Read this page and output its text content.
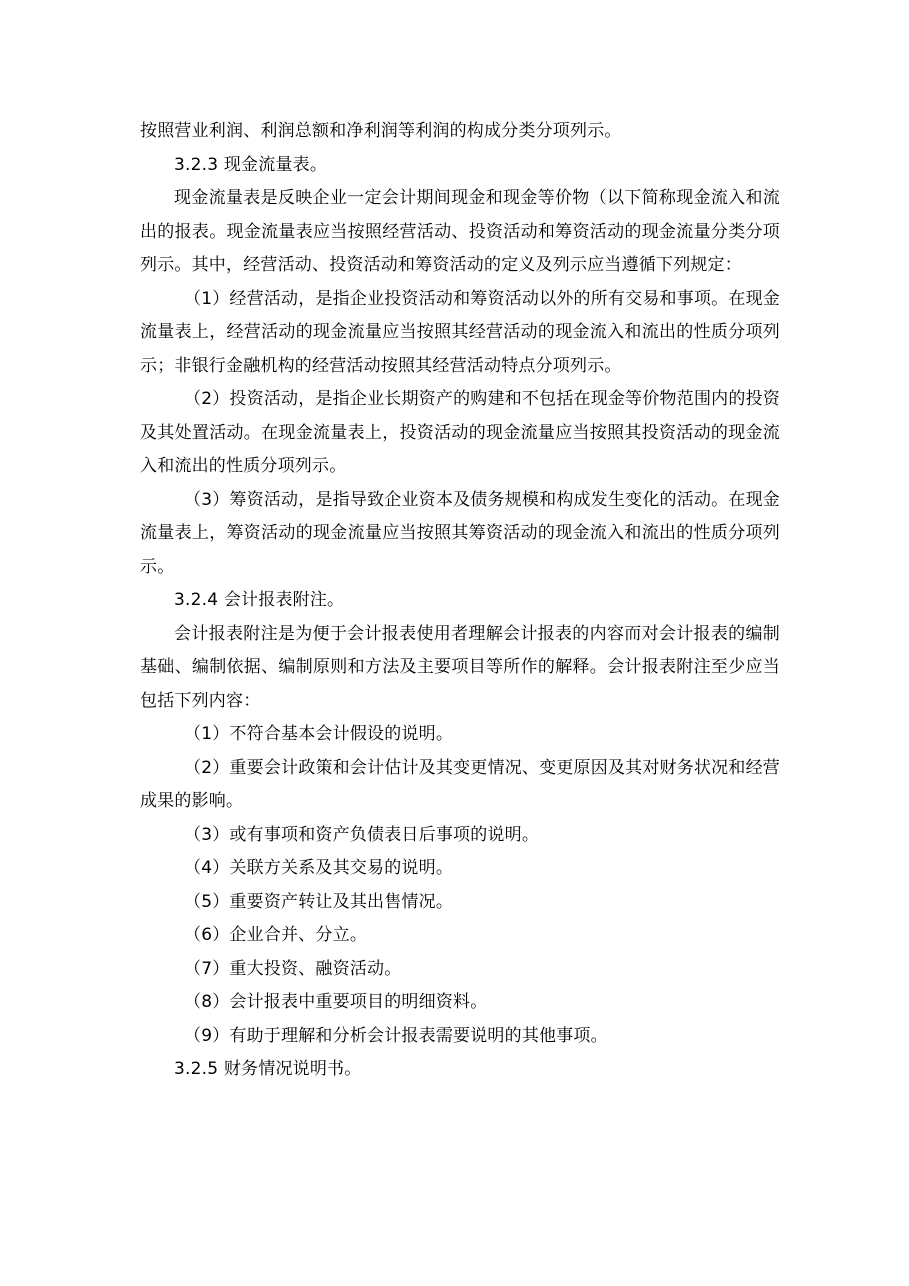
按照营业利润、利润总额和净利润等利润的构成分类分项列示。

3.2.3 现金流量表。

现金流量表是反映企业一定会计期间现金和现金等价物（以下简称现金流入和流出的报表。现金流量表应当按照经营活动、投资活动和筹资活动的现金流量分类分项列示。其中，经营活动、投资活动和筹资活动的定义及列示应当遵循下列规定：

（1）经营活动，是指企业投资活动和筹资活动以外的所有交易和事项。在现金流量表上，经营活动的现金流量应当按照其经营活动的现金流入和流出的性质分项列示；非银行金融机构的经营活动按照其经营活动特点分项列示。

（2）投资活动，是指企业长期资产的购建和不包括在现金等价物范围内的投资及其处置活动。在现金流量表上，投资活动的现金流量应当按照其投资活动的现金流入和流出的性质分项列示。

（3）筹资活动，是指导致企业资本及债务规模和构成发生变化的活动。在现金流量表上，筹资活动的现金流量应当按照其筹资活动的现金流入和流出的性质分项列示。

3.2.4 会计报表附注。

会计报表附注是为便于会计报表使用者理解会计报表的内容而对会计报表的编制基础、编制依据、编制原则和方法及主要项目等所作的解释。会计报表附注至少应当包括下列内容：

（1）不符合基本会计假设的说明。

（2）重要会计政策和会计估计及其变更情况、变更原因及其对财务状况和经营成果的影响。

（3）或有事项和资产负债表日后事项的说明。

（4）关联方关系及其交易的说明。

（5）重要资产转让及其出售情况。

（6）企业合并、分立。

（7）重大投资、融资活动。

（8）会计报表中重要项目的明细资料。

（9）有助于理解和分析会计报表需要说明的其他事项。

3.2.5 财务情况说明书。
